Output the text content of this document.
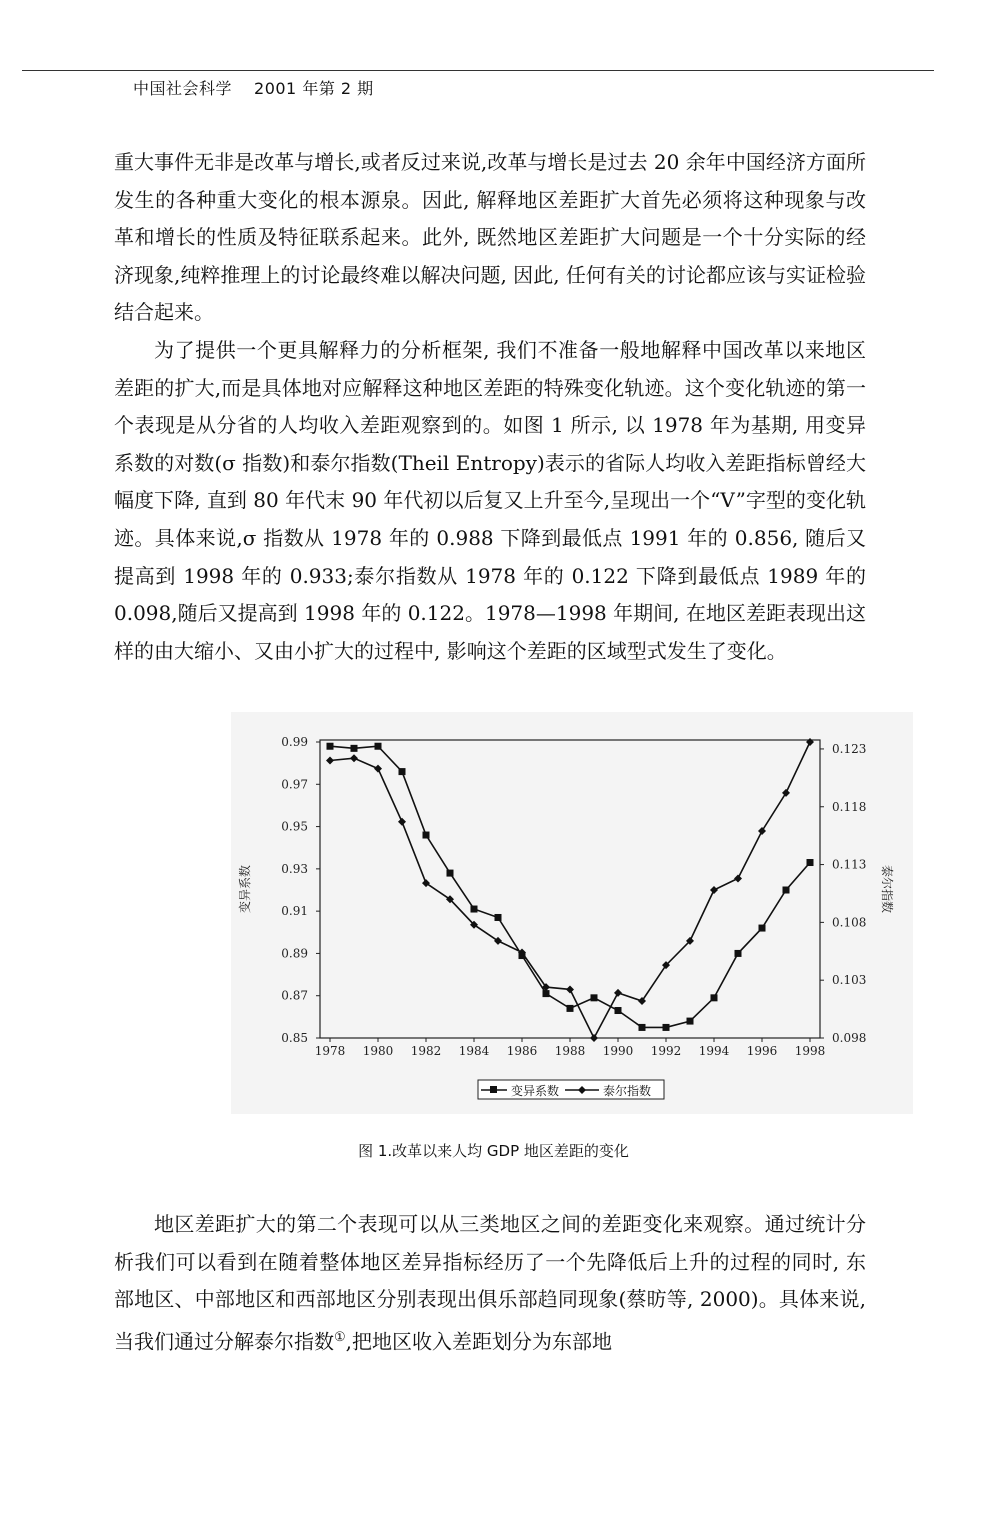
中国社会科学 2001 年第 2 期

重大事件无非是改革与增长,或者反过来说,改革与增长是过去 20 余年中国经济方面所发生的各种重大变化的根本源泉。因此, 解释地区差距扩大首先必须将这种现象与改革和增长的性质及特征联系起来。此外, 既然地区差距扩大问题是一个十分实际的经济现象,纯粹推理上的讨论最终难以解决问题, 因此, 任何有关的讨论都应该与实证检验结合起来。

为了提供一个更具解释力的分析框架, 我们不准备一般地解释中国改革以来地区差距的扩大,而是具体地对应解释这种地区差距的特殊变化轨迹。这个变化轨迹的第一个表现是从分省的人均收入差距观察到的。如图 1 所示, 以 1978 年为基期, 用变异系数的对数(σ 指数)和泰尔指数(Theil Entropy)表示的省际人均收入差距指标曾经大幅度下降, 直到 80 年代末 90 年代初以后复又上升至今,呈现出一个“V”字型的变化轨迹。具体来说,σ 指数从 1978 年的 0.988 下降到最低点 1991 年的 0.856, 随后又提高到 1998 年的 0.933;泰尔指数从 1978 年的 0.122 下降到最低点 1989 年的 0.098,随后又提高到 1998 年的 0.122。1978—1998 年期间, 在地区差距表现出这样的由大缩小、又由小扩大的过程中, 影响这个差距的区域型式发生了变化。

0.99
0.97
0.95
0.93
0.91
0.89
0.87
0.85
0.123
0.118
0.113
0.108
0.103
0.098
1978 1980 1982 1984 1986 1988 1990 1992 1994 1996 1998
变异系数	泰尔指数
变异系数	泰尔指数
图 1.改革以来人均 GDP 地区差距的变化

地区差距扩大的第二个表现可以从三类地区之间的差距变化来观察。通过统计分析我们可以看到在随着整体地区差异指标经历了一个先降低后上升的过程的同时, 东部地区、中部地区和西部地区分别表现出俱乐部趋同现象(蔡昉等, 2000)。具体来说, 当我们通过分解泰尔指数①,把地区收入差距划分为东部地
